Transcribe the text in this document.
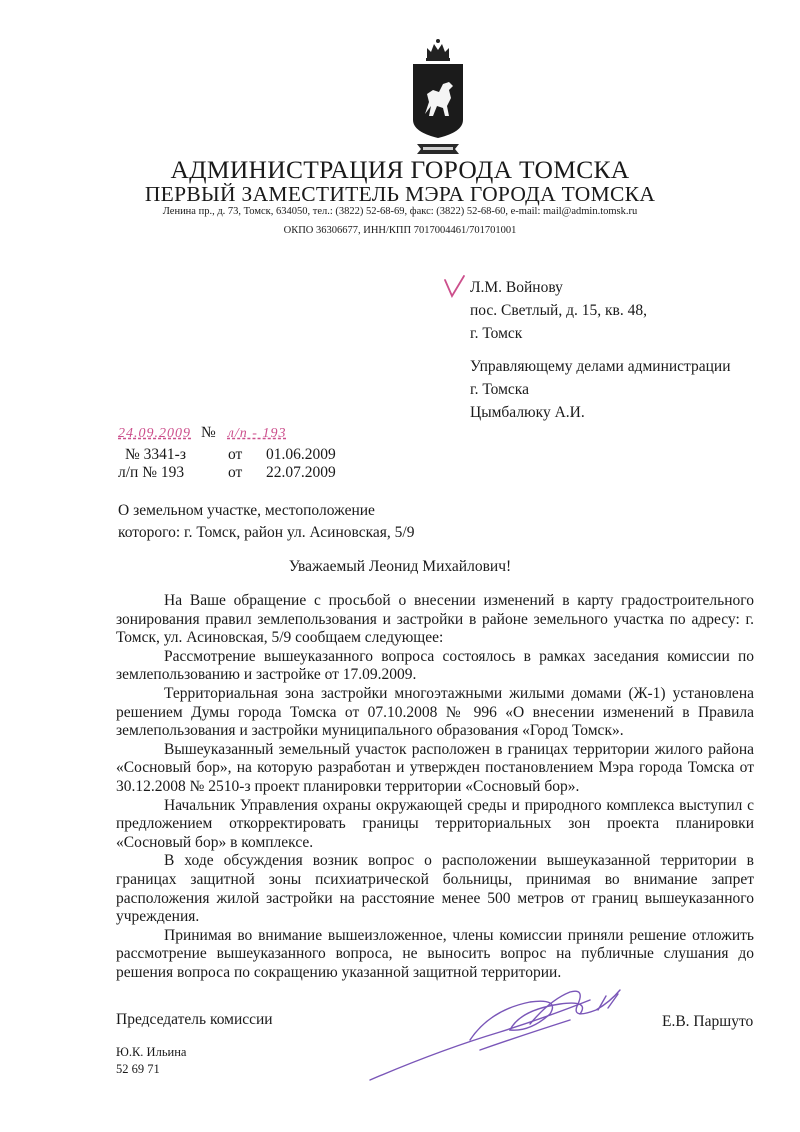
АДМИНИСТРАЦИЯ ГОРОДА ТОМСКА
ПЕРВЫЙ ЗАМЕСТИТЕЛЬ МЭРА ГОРОДА ТОМСКА
Ленина пр., д. 73, Томск, 634050, тел.: (3822) 52-68-69, факс: (3822) 52-68-60, e-mail: mail@admin.tomsk.ru
ОКПО 36306677, ИНН/КПП 7017004461/701701001
Л.М. Войнову
пос. Светлый, д. 15, кв. 48,
г. Томск
Управляющему делами администрации
г. Томска
Цымбалюку А.И.
24.09.2009 № л/п - 193
№ 3341-з	от 01.06.2009
л/п № 193	от 22.07.2009
О земельном участке, местоположение
которого: г. Томск, район ул. Асиновская, 5/9
Уважаемый Леонид Михайлович!

На Ваше обращение с просьбой о внесении изменений в карту градостроительного зонирования правил землепользования и застройки в районе земельного участка по адресу: г. Томск, ул. Асиновская, 5/9 сообщаем следующее:

Рассмотрение вышеуказанного вопроса состоялось в рамках заседания комиссии по землепользованию и застройке от 17.09.2009.

Территориальная зона застройки многоэтажными жилыми домами (Ж-1) установлена решением Думы города Томска от 07.10.2008 № 996 «О внесении изменений в Правила землепользования и застройки муниципального образования «Город Томск».

Вышеуказанный земельный участок расположен в границах территории жилого района «Сосновый бор», на которую разработан и утвержден постановлением Мэра города Томска от 30.12.2008 № 2510-з проект планировки территории «Сосновый бор».

Начальник Управления охраны окружающей среды и природного комплекса выступил с предложением откорректировать границы территориальных зон проекта планировки «Сосновый бор» в комплексе.

В ходе обсуждения возник вопрос о расположении вышеуказанной территории в границах защитной зоны психиатрической больницы, принимая во внимание запрет расположения жилой застройки на расстояние менее 500 метров от границ вышеуказанного учреждения.

Принимая во внимание вышеизложенное, члены комиссии приняли решение отложить рассмотрение вышеуказанного вопроса, не выносить вопрос на публичные слушания до решения вопроса по сокращению указанной защитной территории.

Председатель комиссии	Е.В. Паршуто
Ю.К. Ильина
52 69 71
